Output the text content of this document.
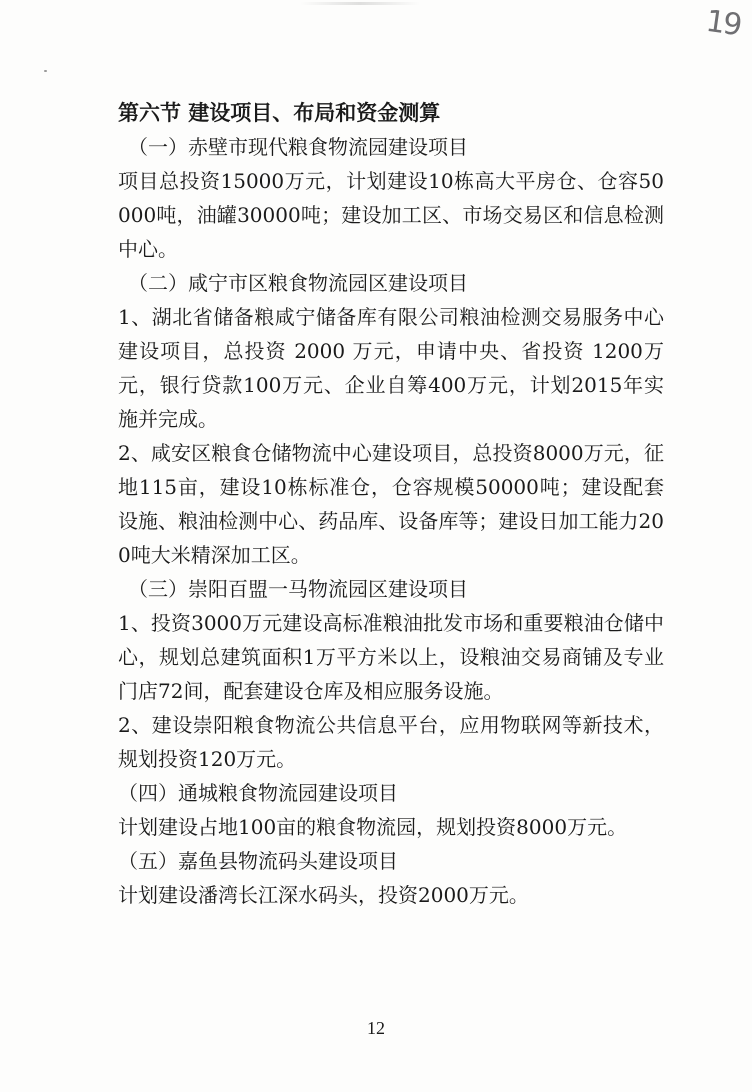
19

第六节 建设项目、布局和资金测算

（一）赤壁市现代粮食物流园建设项目

项目总投资15000万元，计划建设10栋高大平房仓、仓容50000吨，油罐30000吨；建设加工区、市场交易区和信息检测中心。

（二）咸宁市区粮食物流园区建设项目

1、湖北省储备粮咸宁储备库有限公司粮油检测交易服务中心建设项目，总投资 2000 万元，申请中央、省投资 1200万元，银行贷款100万元、企业自筹400万元，计划2015年实施并完成。

2、咸安区粮食仓储物流中心建设项目，总投资8000万元，征地115亩，建设10栋标准仓，仓容规模50000吨；建设配套设施、粮油检测中心、药品库、设备库等；建设日加工能力200吨大米精深加工区。

（三）崇阳百盟一马物流园区建设项目

1、投资3000万元建设高标准粮油批发市场和重要粮油仓储中心，规划总建筑面积1万平方米以上，设粮油交易商铺及专业门店72间，配套建设仓库及相应服务设施。

2、建设崇阳粮食物流公共信息平台，应用物联网等新技术，规划投资120万元。

（四）通城粮食物流园建设项目

计划建设占地100亩的粮食物流园，规划投资8000万元。

（五）嘉鱼县物流码头建设项目

计划建设潘湾长江深水码头，投资2000万元。

12
